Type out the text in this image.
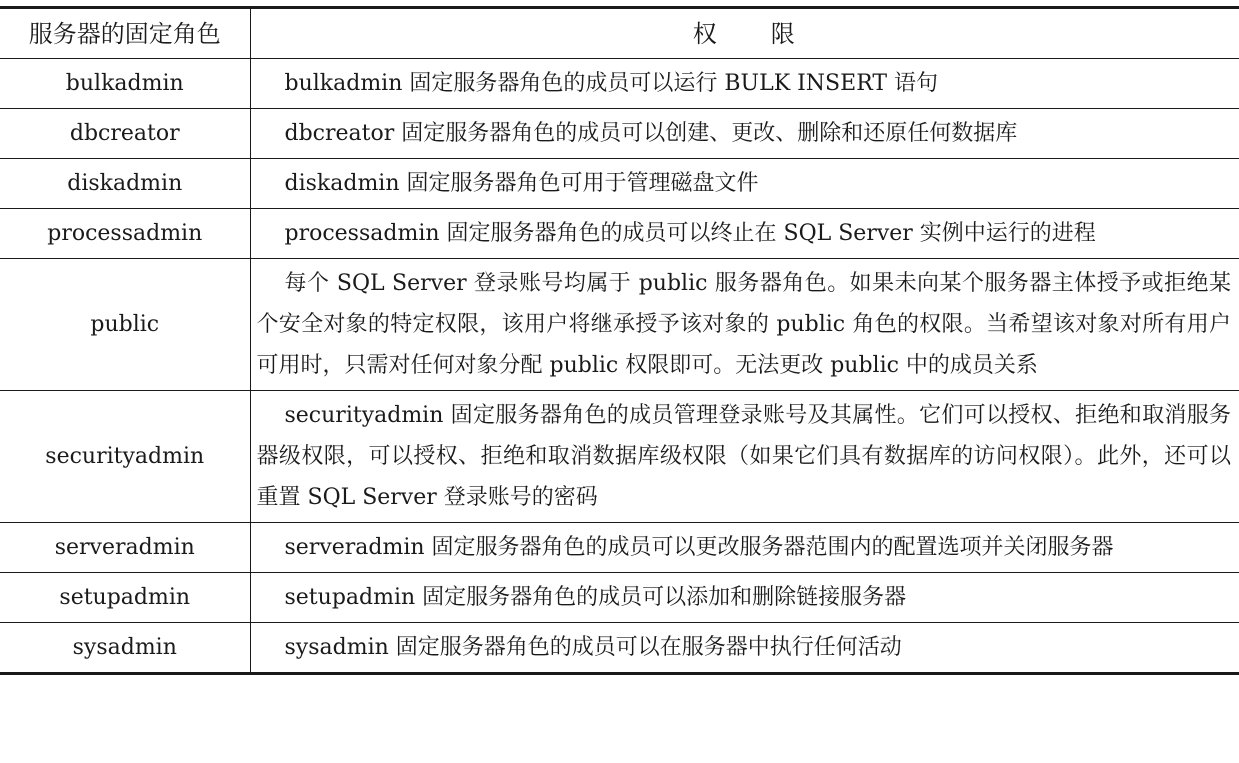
服务器的固定角色	权　　限
bulkadmin	bulkadmin 固定服务器角色的成员可以运行 BULK INSERT 语句
dbcreator	dbcreator 固定服务器角色的成员可以创建、更改、删除和还原任何数据库
diskadmin	diskadmin 固定服务器角色可用于管理磁盘文件
processadmin	processadmin 固定服务器角色的成员可以终止在 SQL Server 实例中运行的进程
public	每个 SQL Server 登录账号均属于 public 服务器角色。如果未向某个服务器主体授予或拒绝某个安全对象的特定权限，该用户将继承授予该对象的 public 角色的权限。当希望该对象对所有用户可用时，只需对任何对象分配 public 权限即可。无法更改 public 中的成员关系
securityadmin	securityadmin 固定服务器角色的成员管理登录账号及其属性。它们可以授权、拒绝和取消服务器级权限，可以授权、拒绝和取消数据库级权限（如果它们具有数据库的访问权限）。此外，还可以重置 SQL Server 登录账号的密码
serveradmin	serveradmin 固定服务器角色的成员可以更改服务器范围内的配置选项并关闭服务器
setupadmin	setupadmin 固定服务器角色的成员可以添加和删除链接服务器
sysadmin	sysadmin 固定服务器角色的成员可以在服务器中执行任何活动
